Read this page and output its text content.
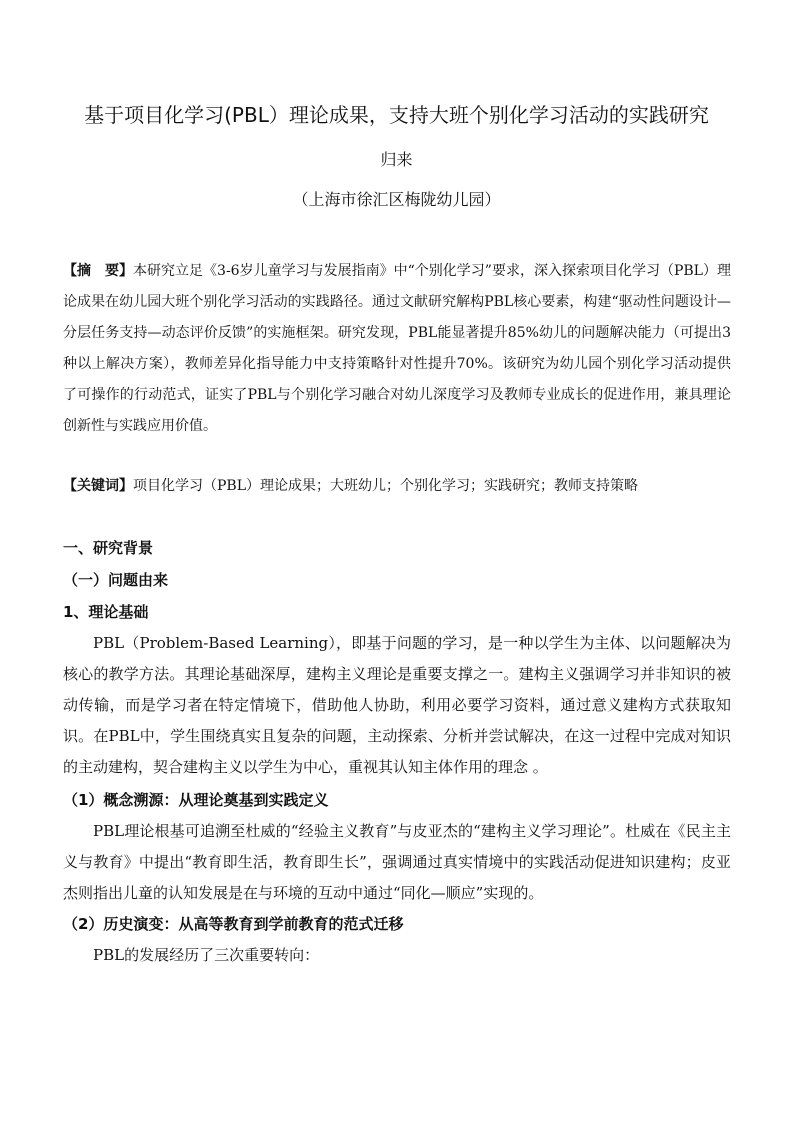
基于项目化学习(PBL）理论成果，支持大班个别化学习活动的实践研究
归来
（上海市徐汇区梅陇幼儿园）
【摘　要】本研究立足《3-6岁儿童学习与发展指南》中“个别化学习”要求，深入探索项目化学习（PBL）理论成果在幼儿园大班个别化学习活动的实践路径。通过文献研究解构PBL核心要素，构建“驱动性问题设计—分层任务支持—动态评价反馈”的实施框架。研究发现，PBL能显著提升85%幼儿的问题解决能力（可提出3种以上解决方案），教师差异化指导能力中支持策略针对性提升70%。该研究为幼儿园个别化学习活动提供了可操作的行动范式，证实了PBL与个别化学习融合对幼儿深度学习及教师专业成长的促进作用，兼具理论创新性与实践应用价值。
【关键词】项目化学习（PBL）理论成果；大班幼儿；个别化学习；实践研究；教师支持策略
一、研究背景
（一）问题由来
1、理论基础
PBL（Problem-Based Learning），即基于问题的学习，是一种以学生为主体、以问题解决为核心的教学方法。其理论基础深厚，建构主义理论是重要支撑之一。建构主义强调学习并非知识的被动传输，而是学习者在特定情境下，借助他人协助，利用必要学习资料，通过意义建构方式获取知识。在PBL中，学生围绕真实且复杂的问题，主动探索、分析并尝试解决，在这一过程中完成对知识的主动建构，契合建构主义以学生为中心，重视其认知主体作用的理念 。
（1）概念溯源：从理论奠基到实践定义
PBL理论根基可追溯至杜威的“经验主义教育”与皮亚杰的“建构主义学习理论”。杜威在《民主主义与教育》中提出“教育即生活，教育即生长”，强调通过真实情境中的实践活动促进知识建构；皮亚杰则指出儿童的认知发展是在与环境的互动中通过“同化—顺应”实现的。
（2）历史演变：从高等教育到学前教育的范式迁移
PBL的发展经历了三次重要转向：
